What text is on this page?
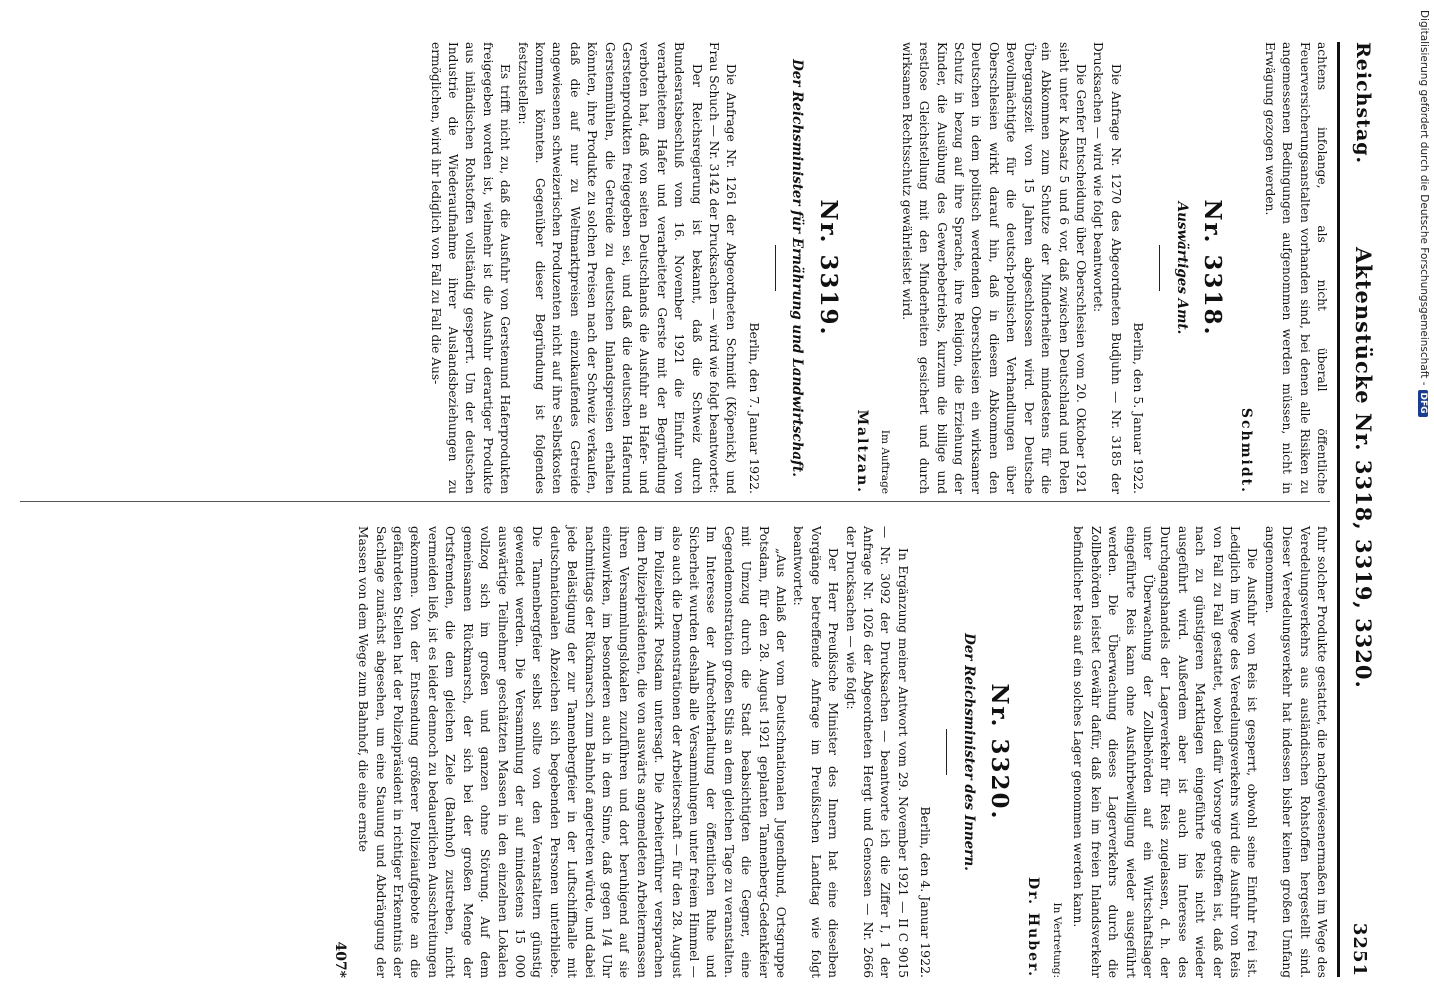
Digitalisierung gefördert durch die Deutsche Forschungsgemeinschaft -DFG
Reichstag.
Aktenstücke Nr. 3318, 3319, 3320.
3251

achtens infolange, als nicht überall öffentliche Feuerversicherungsanstalten vorhanden sind, bei denen alle Risiken zu angemessenen Bedingungen aufgenommen werden müssen, nicht in Erwägung gezogen werden.

Schmidt.
Nr. 3318.
Auswärtiges Amt.
Berlin, den 5. Januar 1922.

Die Anfrage Nr. 1270 des Abgeordneten Budjuhn — Nr. 3185 der Drucksachen — wird wie folgt beantwortet:

Die Genfer Entscheidung über Oberschlesien vom 20. Oktober 1921 sieht unter k Absatz 5 und 6 vor, daß zwischen Deutschland und Polen ein Abkommen zum Schutze der Minderheiten mindestens für die Übergangszeit von 15 Jahren abgeschlossen wird. Der Deutsche Bevollmächtigte für die deutsch-polnischen Verhandlungen über Oberschlesien wirkt darauf hin, daß in diesem Abkommen den Deutschen in dem politisch werdenden Oberschlesien ein wirksamer Schutz in bezug auf ihre Sprache, ihre Religion, die Erziehung der Kinder, die Ausübung des Gewerbebetriebs, kurzum die billige und restlose Gleichstellung mit den Minderheiten gesichert und durch wirksamen Rechtsschutz gewährleistet wird.

Im Auftrage
Maltzan.
Nr. 3319.
Der Reichsminister für Ernährung und Landwirtschaft.
Berlin, den 7. Januar 1922.

Die Anfrage Nr. 1261 der Abgeordneten Schmidt (Köpenick) und Frau Schuch — Nr. 3142 der Drucksachen — wird wie folgt beantwortet:

Der Reichsregierung ist bekannt, daß die Schweiz durch Bundesratsbeschluß vom 16. November 1921 die Einfuhr von verarbeitetem Hafer und verarbeiteter Gerste mit der Begründung verboten hat, daß von seiten Deutschlands die Ausfuhr an Hafer- und Gerstenprodukten freigegeben sei, und daß die deutschen Haferund Gerstenmühlen, die Getreide zu deutschen Inlandspreisen erhalten könnten, ihre Produkte zu solchen Preisen nach der Schweiz verkaufen, daß die auf nur zu Weltmarktpreisen einzukaufendes Getreide angewiesenen schweizerischen Produzenten nicht auf ihre Selbstkosten kommen könnten. Gegenüber dieser Begründung ist folgendes festzustellen:

Es trifft nicht zu, daß die Ausfuhr von Gerstenund Haferprodukten freigegeben worden ist, vielmehr ist die Ausfuhr derartiger Produkte aus inländischen Rohstoffen vollständig gesperrt. Um der deutschen Industrie die Wiederaufnahme ihrer Auslandsbeziehungen zu ermöglichen, wird ihr lediglich von Fall zu Fall die Aus-

fuhr solcher Produkte gestattet, die nachgewiesenermaßen im Wege des Veredelungsverkehrs aus ausländischen Rohstoffen hergestellt sind. Dieser Veredelungsverkehr hat indessen bisher keinen großen Umfang angenommen.

Die Ausfuhr von Reis ist gesperrt, obwohl seine Einfuhr frei ist. Lediglich im Wege des Veredelungsverkehrs wird die Ausfuhr von Reis von Fall zu Fall gestattet, wobei dafür Vorsorge getroffen ist, daß der nach zu günstigeren Marktlagen eingeführte Reis nicht wieder ausgeführt wird. Außerdem aber ist auch im Interesse des Durchgangshandels der Lagerverkehr für Reis zugelassen, d. h. der unter Überwachung der Zollbehörden auf ein Wirtschaftslager eingeführte Reis kann ohne Ausfuhrbewilligung wieder ausgeführt werden. Die Überwachung dieses Lagerverkehrs durch die Zollbehörden leistet Gewähr dafür, daß kein im freien Inlandsverkehr befindlicher Reis auf ein solches Lager genommen werden kann.

In Vertretung:
Dr. Huber.
Nr. 3320.
Der Reichsminister des Innern.
Berlin, den 4. Januar 1922.

In Ergänzung meiner Antwort vom 29. November 1921 — II C 9015 — Nr. 3092 der Drucksachen — beantworte ich die Ziffer I, 1 der Anfrage Nr. 1026 der Abgeordneten Hergt und Genossen — Nr. 2666 der Drucksachen — wie folgt:

Der Herr Preußische Minister des Innern hat eine dieselben Vorgänge betreffende Anfrage im Preußischen Landtag wie folgt beantwortet:

„Aus Anlaß der vom Deutschnationalen Jugendbund, Ortsgruppe Potsdam, für den 28. August 1921 geplanten Tannenberg-Gedenkfeier mit Umzug durch die Stadt beabsichtigten die Gegner, eine Gegendemonstration großen Stils an dem gleichen Tage zu veranstalten. Im Interesse der Aufrechterhaltung der öffentlichen Ruhe und Sicherheit wurden deshalb alle Versammlungen unter freiem Himmel — also auch die Demonstrationen der Arbeiterschaft — für den 28. August im Polizeibezirk Potsdam untersagt. Die Arbeiterführer versprachen dem Polizeipräsidenten, die von auswärts angemeldeten Arbeitermassen ihren Versammlungslokalen zuzuführen und dort beruhigend auf sie einzuwirken, im besonderen auch in dem Sinne, daß gegen 1/4 Uhr nachmittags der Rückmarsch zum Bahnhof angetreten würde, und dabei jede Belästigung der zur Tannenbergfeier in der Luftschiffhalle mit deutschnationalen Abzeichen sich begebenden Personen unterbliebe. Die Tannenbergfeier selbst sollte von den Veranstaltern günstig gewendet werden. Die Versammlung der auf mindestens 15 000 auswärtige Teilnehmer geschätzten Massen in den einzelnen Lokalen vollzog sich im großen und ganzen ohne Störung. Auf dem gemeinsamen Rückmarsch, der sich bei der großen Menge der Ortsfremden, die dem gleichen Ziele (Bahnhof) zustreben, nicht vermeiden ließ, ist es leider dennoch zu bedauerlichen Ausschreitungen gekommen. Von der Entsendung größerer Polizeiaufgebote an die gefährdeten Stellen hat der Polizeipräsident in richtiger Erkenntnis der Sachlage zunächst abgesehen, um eine Stauung und Abdrängung der Massen von dem Wege zum Bahnhof, die eine ernste

407*
